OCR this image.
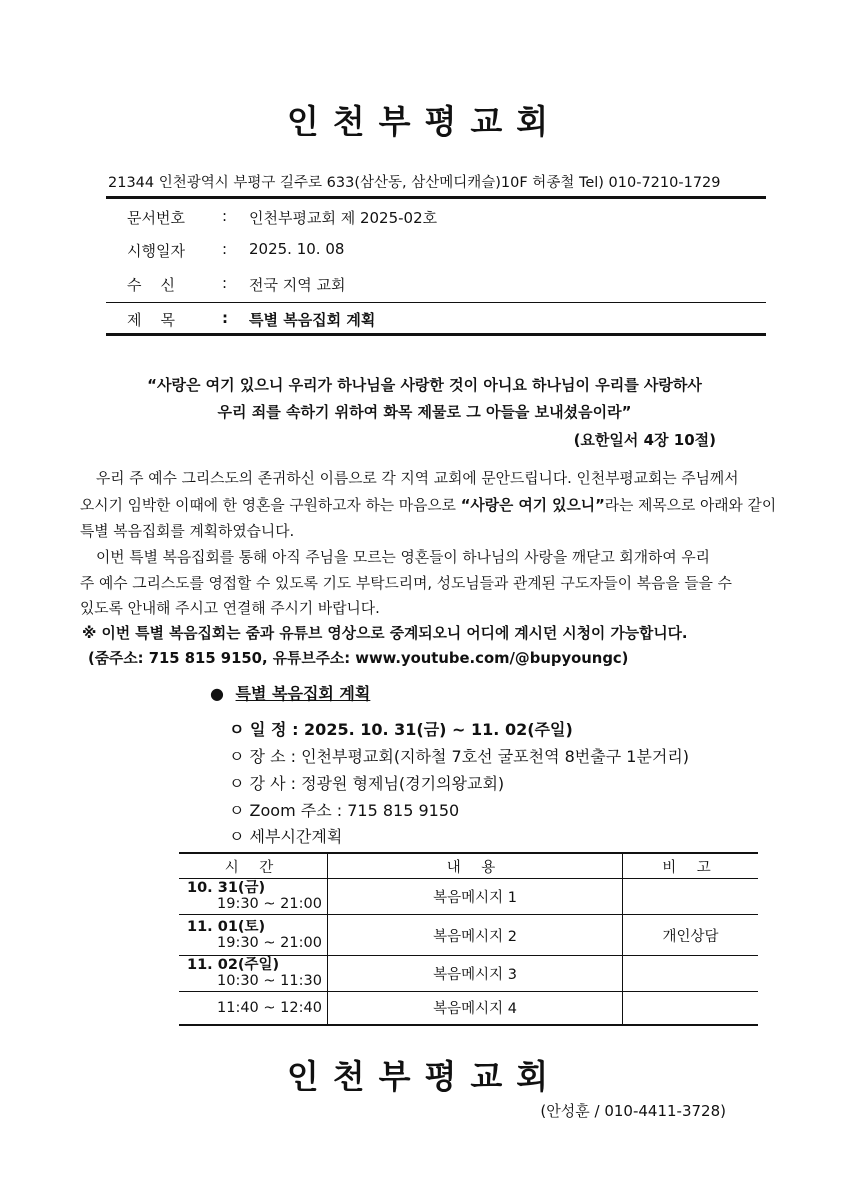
인천부평교회
21344 인천광역시 부평구 길주로 633(삼산동, 삼산메디캐슬)10F 허종철 Tel) 010-7210-1729
문서번호 : 인천부평교회 제 2025-02호
시행일자 : 2025. 10. 08
수    신	: 전국 지역 교회
제    목	: 특별 복음집회 계획
“사랑은 여기 있으니 우리가 하나님을 사랑한 것이 아니요 하나님이 우리를 사랑하사
우리 죄를 속하기 위하여 화목 제물로 그 아들을 보내셨음이라”
(요한일서 4장 10절)
우리 주 예수 그리스도의 존귀하신 이름으로 각 지역 교회에 문안드립니다. 인천부평교회는 주님께서
오시기 임박한 이때에 한 영혼을 구원하고자 하는 마음으로 “사랑은 여기 있으니”라는 제목으로 아래와 같이
특별 복음집회를 계획하였습니다.
이번 특별 복음집회를 통해 아직 주님을 모르는 영혼들이 하나님의 사랑을 깨닫고 회개하여 우리
주 예수 그리스도를 영접할 수 있도록 기도 부탁드리며, 성도님들과 관계된 구도자들이 복음을 들을 수
있도록 안내해 주시고 연결해 주시기 바랍니다.
※ 이번 특별 복음집회는 줌과 유튜브 영상으로 중계되오니 어디에 계시던 시청이 가능합니다.
(줌주소: 715 815 9150, 유튜브주소: www.youtube.com/@bupyoungc)
● 특별 복음집회 계획
ㅇ 일 정 : 2025. 10. 31(금) ~ 11. 02(주일)
ㅇ 장 소 : 인천부평교회(지하철 7호선 굴포천역 8번출구 1분거리)
ㅇ 강 사 : 정광원 형제님(경기의왕교회)
ㅇ Zoom 주소 : 715 815 9150
ㅇ 세부시간계획
시 간	내 용	비 고

10. 31(금)
19:30 ~ 21:00	복음메시지 1	

11. 01(토)
19:30 ~ 21:00	복음메시지 2	개인상담

11. 02(주일)
10:30 ~ 11:30	복음메시지 3	

11:40 ~ 12:40	복음메시지 4	
인천부평교회
(안성훈 / 010-4411-3728)
